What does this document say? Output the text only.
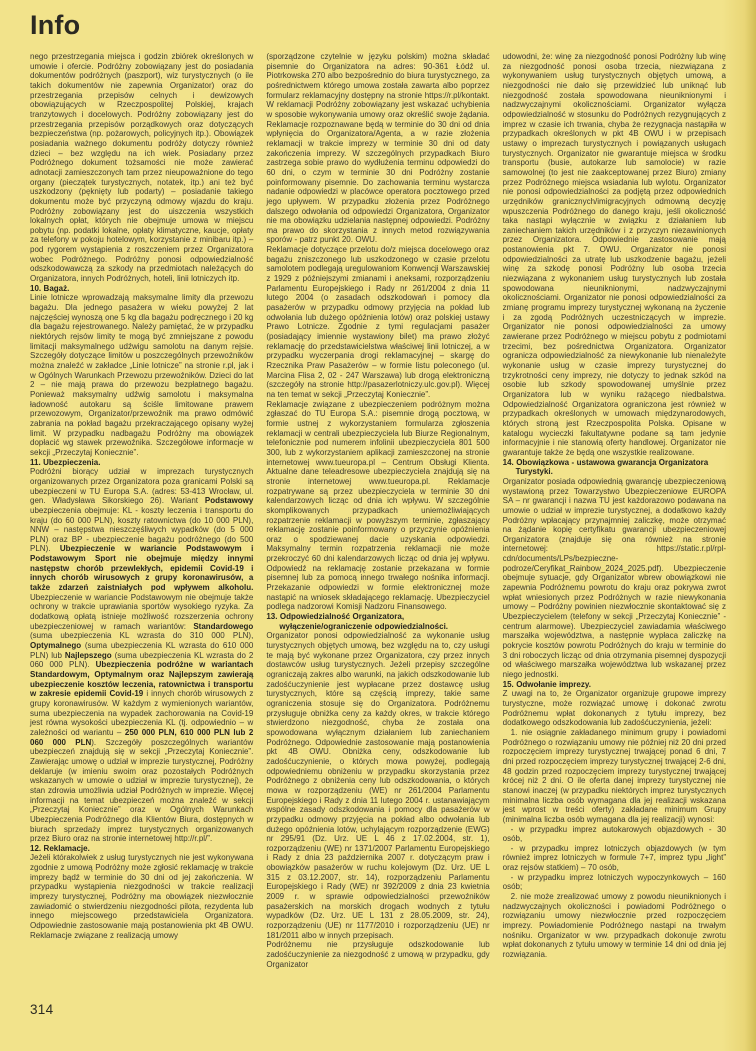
Info

nego przestrzegania miejsca i godzin zbiórek określonych w umowie i ofercie. Podróżny zobowiązany jest do posiadania dokumentów podróżnych (paszport), wiz turystycznych (o ile takich dokumentów nie zapewnia Organizator) oraz do przestrzegania przepisów celnych i dewizowych obowiązujących w Rzeczpospolitej Polskiej, krajach tranzytowych i docelowych. Podróżny zobowiązany jest do przestrzegania przepisów porządkowych oraz dotyczących bezpieczeństwa (np. pożarowych, policyjnych itp.). Obowiązek posiadania ważnego dokumentu podróży dotyczy również dzieci – bez względu na ich wiek. Posiadany przez Podróżnego dokument tożsamości nie może zawierać adnotacji zamieszczonych tam przez nieupoważnione do tego organy (pieczątek turystycznych, notatek, itp.) ani też być uszkodzony (pęknięty lub podarty) – posiadanie takiego dokumentu może być przyczyną odmowy wjazdu do kraju. Podróżny zobowiązany jest do uiszczenia wszystkich lokalnych opłat, których nie obejmuje umowa w miejscu pobytu (np. podatki lokalne, opłaty klimatyczne, kaucje, opłaty za telefony w pokoju hotelowym, korzystanie z minibaru itp.) – pod rygorem wystąpienia z roszczeniem przez Organizatora wobec Podróżnego. Podróżny ponosi odpowiedzialność odszkodowawczą za szkody na przedmiotach należących do Organizatora, innych Podróżnych, hoteli, linii lotniczych itp.

10. Bagaż.

Linie lotnicze wprowadzają maksymalne limity dla przewozu bagażu. Dla jednego pasażera w wieku powyżej 2 lat najczęściej wynoszą one 5 kg dla bagażu podręcznego i 20 kg dla bagażu rejestrowanego. Należy pamiętać, że w przypadku niektórych rejsów limity te mogą być zmniejszane z powodu limitacji maksymalnego udźwigu samolotu na danym rejsie. Szczegóły dotyczące limitów u poszczególnych przewoźników można znaleźć w zakładce „Linie lotnicze” na stronie r.pl, jak i w Ogólnych Warunkach Przewozu przewoźników. Dzieci do lat 2 – nie mają prawa do przewozu bezpłatnego bagażu. Ponieważ maksymalny udźwig samolotu i maksymalna ładowność autokaru są ściśle limitowane prawem przewozowym, Organizator/przewoźnik ma prawo odmówić zabrania na pokład bagażu przekraczającego opisany wyżej limit. W przypadku nadbagażu Podróżny ma obowiązek dopłacić wg stawek przewoźnika. Szczegółowe informacje w sekcji „Przeczytaj Koniecznie”.

11. Ubezpieczenia.

Podróżni biorący udział w imprezach turystycznych organizowanych przez Organizatora poza granicami Polski są ubezpieczeni w TU Europa S.A. (adres: 53-413 Wrocław, ul. gen. Władysława Sikorskiego 26). Wariant Podstawowy ubezpieczenia obejmuje: KL - koszty leczenia i transportu do kraju (do 60 000 PLN), koszty ratownictwa (do 10 000 PLN), NNW – następstwa nieszczęśliwych wypadków (do 5 000 PLN) oraz BP - ubezpieczenie bagażu podróżnego (do 500 PLN). Ubezpieczenie w wariancie Podstawowym i Podstawowym Sport nie obejmuje między innymi następstw chorób przewlekłych, epidemii Covid-19 i innych chorób wirusowych z grupy koronawirusów, a także zdarzeń zaistniałych pod wpływem alkoholu. Ubezpieczenie w wariancie Podstawowym nie obejmuje także ochrony w trakcie uprawiania sportów wysokiego ryzyka. Za dodatkową opłatą istnieje możliwość rozszerzenia ochrony ubezpieczeniowej w ramach wariantów: Standardowego (suma ubezpieczenia KL wzrasta do 310 000 PLN), Optymalnego (suma ubezpieczenia KL wzrasta do 610 000 PLN) lub Najlepszego (suma ubezpieczenia KL wzrasta do 2 060 000 PLN). Ubezpieczenia podróżne w wariantach Standardowym, Optymalnym oraz Najlepszym zawierają ubezpieczenie kosztów leczenia, ratownictwa i transportu w zakresie epidemii Covid-19 i innych chorób wirusowych z grupy koronawirusów. W każdym z wymienionych wariantów, suma ubezpieczenia na wypadek zachorowania na Covid-19 jest równa wysokości ubezpieczenia KL (tj. odpowiednio – w zależności od wariantu – 250 000 PLN, 610 000 PLN lub 2 060 000 PLN). Szczegóły poszczególnych wariantów ubezpieczeń znajdują się w sekcji „Przeczytaj Koniecznie”. Zawierając umowę o udział w imprezie turystycznej, Podróżny deklaruje (w imieniu swoim oraz pozostałych Podróżnych wskazanych w umowie o udział w imprezie turystycznej), że stan zdrowia umożliwia udział Podróżnych w imprezie. Więcej informacji na temat ubezpieczeń można znaleźć w sekcji „Przeczytaj Koniecznie” oraz w Ogólnych Warunkach Ubezpieczenia Podróżnego dla Klientów Biura, dostępnych w biurach sprzedaży imprez turystycznych organizowanych przez Biuro oraz na stronie internetowej http://r.pl/”.

12. Reklamacje.

Jeżeli którakolwiek z usług turystycznych nie jest wykonywana zgodnie z umową Podróżny może zgłosić reklamację w trakcie imprezy bądź w terminie do 30 dni od jej zakończenia. W przypadku wystąpienia niezgodności w trakcie realizacji imprezy turystycznej, Podróżny ma obowiązek niezwłocznie zawiadomić o stwierdzeniu niezgodności pilota, rezydenta lub innego miejscowego przedstawiciela Organizatora. Odpowiednie zastosowanie mają postanowienia pkt 4B OWU. Reklamacje związane z realizacją umowy

(sporządzone czytelnie w języku polskim) można składać pisemnie do Organizatora na adres: 90-361 Łódź ul. Piotrkowska 270 albo bezpośrednio do biura turystycznego, za pośrednictwem którego umowa została zawarta albo poprzez formularz reklamacyjny dostępny na stronie https://r.pl/kontakt. W reklamacji Podróżny zobowiązany jest wskazać uchybienia w sposobie wykonywania umowy oraz określić swoje żądania. Reklamacje rozpoznawane będą w terminie do 30 dni od dnia wpłynięcia do Organizatora/Agenta, a w razie złożenia reklamacji w trakcie imprezy w terminie 30 dni od daty zakończenia imprezy. W szczególnych przypadkach Biuro zastrzega sobie prawo do wydłużenia terminu odpowiedzi do 60 dni, o czym w terminie 30 dni Podróżny zostanie poinformowany pisemnie. Do zachowania terminu wystarcza nadanie odpowiedzi w placówce operatora pocztowego przed jego upływem. W przypadku złożenia przez Podróżnego dalszego odwołania od odpowiedzi Organizatora, Organizator nie ma obowiązku udzielania następnej odpowiedzi. Podróżny ma prawo do skorzystania z innych metod rozwiązywania sporów - patrz punkt 20. OWU.

Reklamacje dotyczące przelotu do/z miejsca docelowego oraz bagażu zniszczonego lub uszkodzonego w czasie przelotu samolotem podlegają uregulowaniom Konwencji Warszawskiej z 1929 z późniejszymi zmianami i aneksami, rozporządzeniu Parlamentu Europejskiego i Rady nr 261/2004 z dnia 11 lutego 2004 (o zasadach odszkodowań i pomocy dla pasażerów w przypadku odmowy przyjęcia na pokład lub odwołania lub dużego opóźnienia lotów) oraz polskiej ustawy Prawo Lotnicze. Zgodnie z tymi regulacjami pasażer (posiadający imiennie wystawiony bilet) ma prawo złożyć reklamację do przedstawicielstwa właściwej linii lotniczej, a w przypadku wyczerpania drogi reklamacyjnej – skargę do Rzecznika Praw Pasażerów – w formie listu poleconego (ul. Marcina Flisa 2, 02 - 247 Warszawa) lub drogą elektroniczną (szczegóły na stronie http://pasazerlotniczy.ulc.gov.pl). Więcej na ten temat w sekcji „Przeczytaj Koniecznie”.

Reklamacje związane z ubezpieczeniem podróżnym można zgłaszać do TU Europa S.A.: pisemnie drogą pocztową, w formie ustnej z wykorzystaniem formularza zgłoszenia reklamacji w centrali ubezpieczyciela lub Biurze Regionalnym, telefonicznie pod numerem infolinii ubezpieczyciela 801 500 300, lub z wykorzystaniem aplikacji zamieszczonej na stronie internetowej www.tueuropa.pl – Centrum Obsługi Klienta. Aktualne dane teleadresowe ubezpieczyciela znajdują się na stronie internetowej www.tueuropa.pl. Reklamacje rozpatrywane są przez ubezpieczyciela w terminie 30 dni kalendarzowych licząc od dnia ich wpływu. W szczególnie skomplikowanych przypadkach uniemożliwiających rozpatrzenie reklamacji w powyższym terminie, zgłaszający reklamację zostanie poinformowany o przyczynie opóźnienia oraz o spodziewanej dacie uzyskania odpowiedzi. Maksymalny termin rozpatrzenia reklamacji nie może przekroczyć 60 dni kalendarzowych licząc od dnia jej wpływu. Odpowiedź na reklamację zostanie przekazana w formie pisemnej lub za pomocą innego trwałego nośnika informacji. Przekazanie odpowiedzi w formie elektronicznej może nastąpić na wniosek składającego reklamację. Ubezpieczyciel podlega nadzorowi Komisji Nadzoru Finansowego.

13. Odpowiedzialność Organizatora, wyłączenie/ograniczenie odpowiedzialności.

Organizator ponosi odpowiedzialność za wykonanie usług turystycznych objętych umową, bez względu na to, czy usługi te mają być wykonane przez Organizatora, czy przez innych dostawców usług turystycznych. Jeżeli przepisy szczególne ograniczają zakres albo warunki, na jakich odszkodowanie lub zadośćuczynienie jest wypłacane przez dostawcę usług turystycznych, które są częścią imprezy, takie same ograniczenia stosuje się do Organizatora. Podróżnemu przysługuje obniżka ceny za każdy okres, w trakcie którego stwierdzono niezgodność, chyba że została ona spowodowana wyłącznym działaniem lub zaniechaniem Podróżnego. Odpowiednie zastosowanie mają postanowienia pkt 4B OWU. Obniżka ceny, odszkodowanie lub zadośćuczynienie, o których mowa powyżej, podlegają odpowiedniemu obniżeniu w przypadku skorzystania przez Podróżnego z obniżenia ceny lub odszkodowania, o których mowa w rozporządzeniu (WE) nr 261/2004 Parlamentu Europejskiego i Rady z dnia 11 lutego 2004 r. ustanawiającym wspólne zasady odszkodowania i pomocy dla pasażerów w przypadku odmowy przyjęcia na pokład albo odwołania lub dużego opóźnienia lotów, uchylającym rozporządzenie (EWG) nr 295/91 (Dz. Urz. UE L 46 z 17.02.2004, str. 1), rozporządzeniu (WE) nr 1371/2007 Parlamentu Europejskiego i Rady z dnia 23 października 2007 r. dotyczącym praw i obowiązków pasażerów w ruchu kolejowym (Dz. Urz. UE L 315 z 03.12.2007, str. 14), rozporządzeniu Parlamentu Europejskiego i Rady (WE) nr 392/2009 z dnia 23 kwietnia 2009 r. w sprawie odpowiedzialności przewoźników pasażerskich na morskich drogach wodnych z tytułu wypadków (Dz. Urz. UE L 131 z 28.05.2009, str. 24), rozporządzeniu (UE) nr 1177/2010 i rozporządzeniu (UE) nr 181/2011 albo w innych przepisach.

Podróżnemu nie przysługuje odszkodowanie lub zadośćuczynienie za niezgodność z umową w przypadku, gdy Organizator

udowodni, że: winę za niezgodność ponosi Podróżny lub winę za niezgodność ponosi osoba trzecia, niezwiązana z wykonywaniem usług turystycznych objętych umową, a niezgodności nie dało się przewidzieć lub uniknąć lub niezgodność została spowodowana nieuniknionymi i nadzwyczajnymi okolicznościami. Organizator wyłącza odpowiedzialność w stosunku do Podróżnych rezygnujących z imprez w czasie ich trwania, chyba że rezygnacja nastąpiła w przypadkach określonych w pkt 4B OWU i w przepisach ustawy o imprezach turystycznych i powiązanych usługach turystycznych. Organizator nie gwarantuje miejsca w środku transportu (busie, autokarze lub samolocie) w razie samowolnej (to jest nie zaakceptowanej przez Biuro) zmiany przez Podróżnego miejsca wsiadania lub wylotu. Organizator nie ponosi odpowiedzialności za podjętą przez odpowiednich urzędników granicznych/imigracyjnych odmowną decyzję wpuszczenia Podróżnego do danego kraju, jeśli okoliczność taka nastąpi wyłącznie w związku z działaniem lub zaniechaniem takich urzędników i z przyczyn niezawinionych przez Organizatora. Odpowiednie zastosowanie mają postanowienia pkt 7. OWU. Organizator nie ponosi odpowiedzialności za utratę lub uszkodzenie bagażu, jeżeli winę za szkodę ponosi Podróżny lub osoba trzecia niezwiązana z wykonaniem usług turystycznych lub została spowodowana nieuniknionymi, nadzwyczajnymi okolicznościami. Organizator nie ponosi odpowiedzialności za zmianę programu imprezy turystycznej wykonaną na życzenie i za zgodą Podróżnych uczestniczących w imprezie. Organizator nie ponosi odpowiedzialności za umowy zawierane przez Podróżnego w miejscu pobytu z podmiotami trzecimi, bez pośrednictwa Organizatora. Organizator ogranicza odpowiedzialność za niewykonanie lub nienależyte wykonanie usług w czasie imprezy turystycznej do trzykrotności ceny imprezy, nie dotyczy to jednak szkód na osobie lub szkody spowodowanej umyślnie przez Organizatora lub w wyniku rażącego niedbalstwa. Odpowiedzialność Organizatora ograniczona jest również w przypadkach określonych w umowach międzynarodowych, których stroną jest Rzeczpospolita Polska. Opisane w katalogu wycieczki fakultatywne podane są tam jedynie informacyjnie i nie stanowią oferty handlowej. Organizator nie gwarantuje także że będą one wszystkie realizowane.

14. Obowiązkowa - ustawowa gwarancja Organizatora Turystyki.

Organizator posiada odpowiednią gwarancję ubezpieczeniową wystawioną przez Towarzystwo Ubezpieczeniowe EUROPA SA – nr gwarancji i nazwa TU jest każdorazowo podawana na umowie o udział w imprezie turystycznej, a dodatkowo każdy Podróżny wpłacający przynajmniej zaliczkę, może otrzymać na żądanie kopię certyfikatu gwarancji ubezpieczeniowej Organizatora (znajduje się ona również na stronie internetowej: https://static.r.pl/rpl-cdn/documents/LPs/bezpieczne-podroze/Ceryfikat_Rainbow_2024_2025.pdf). Ubezpieczenie obejmuje sytuacje, gdy Organizator wbrew obowiązkowi nie zapewnia Podróżnemu powrotu do kraju oraz pokrywa zwrot wpłat wniesionych przez Podróżnych w razie niewykonania umowy – Podróżny powinien niezwłocznie skontaktować się z Ubezpieczycielem (telefony w sekcji „Przeczytaj Koniecznie” - centrum alarmowe). Ubezpieczyciel zawiadamia właściwego marszałka województwa, a następnie wypłaca zaliczkę na pokrycie kosztów powrotu Podróżnych do kraju w terminie do 3 dni roboczych licząc od dnia otrzymania pisemnej dyspozycji od właściwego marszałka województwa lub wskazanej przez niego jednostki.

15. Odwołanie imprezy.

Z uwagi na to, że Organizator organizuje grupowe imprezy turystyczne, może rozwiązać umowę i dokonać zwrotu Podróżnemu wpłat dokonanych z tytułu imprezy, bez dodatkowego odszkodowania lub zadośćuczynienia, jeżeli:

1. nie osiągnie zakładanego minimum grupy i powiadomi Podróżnego o rozwiązaniu umowy nie później niż 20 dni przed rozpoczęciem imprezy turystycznej trwającej ponad 6 dni, 7 dni przed rozpoczęciem imprezy turystycznej trwającej 2-6 dni, 48 godzin przed rozpoczęciem imprezy turystycznej trwającej krócej niż 2 dni. O ile oferta danej imprezy turystycznej nie stanowi inaczej (w przypadku niektórych imprez turystycznych minimalna liczba osób wymagana dla jej realizacji wskazana jest wprost w treści oferty) zakładane minimum Grupy (minimalna liczba osób wymagana dla jej realizacji) wynosi:

- w przypadku imprez autokarowych objazdowych - 30 osób,

- w przypadku imprez lotniczych objazdowych (w tym również imprez lotniczych w formule 7+7, imprez typu „light” oraz rejsów statkiem) – 70 osób,

- w przypadku imprez lotniczych wypoczynkowych – 160 osób;

2. nie może zrealizować umowy z powodu nieuniknionych i nadzwyczajnych okoliczności i powiadomi Podróżnego o rozwiązaniu umowy niezwłocznie przed rozpoczęciem imprezy. Powiadomienie Podróżnego nastąpi na trwałym nośniku. Organizator w ww. przypadkach dokonuje zwrotu wpłat dokonanych z tytułu umowy w terminie 14 dni od dnia jej rozwiązania.

314
